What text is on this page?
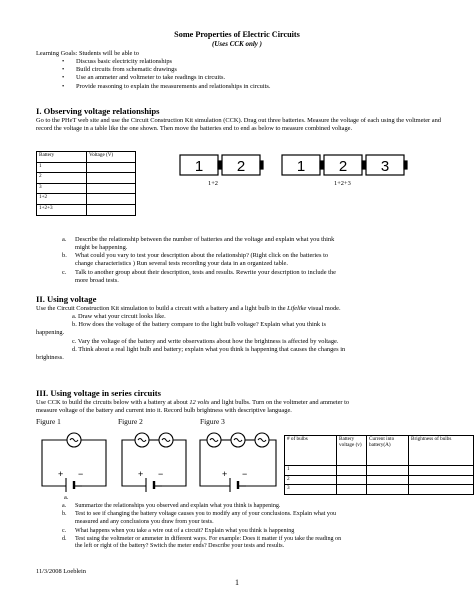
Some Properties of Electric Circuits
(Uses CCK only )
Learning Goals: Students will be able to
• Discuss basic electricity relationships
• Build circuits from schematic drawings
• Use an ammeter and voltmeter to take readings in circuits.
• Provide reasoning to explain the measurements and relationships in circuits.
I. Observing voltage relationships
Go to the PHeT web site and use the Circuit Construction Kit simulation (CCK). Drag out three batteries. Measure the voltage of each using the voltmeter and record the voltage in a table like the one shown. Then move the batteries end to end as below to measure combined voltage.
Battery	Voltage (V)
1	
2	
3	
1+2	
1+2+3	
1 2
1+2
1 2 3
1+2+3
a. Describe the relationship between the number of batteries and the voltage and explain what you think
might be happening.
b. What could you vary to test your description about the relationship? (Right click on the batteries to
change characteristics ) Run several tests recording your data in an organized table.
c. Talk to another group about their description, tests and results. Rewrite your description to include the
more broad tests.
II. Using voltage
Use the Circuit Construction Kit simulation to build a circuit with a battery and a light bulb in the Lifelike visual mode.
a. Draw what your circuit looks like.
b. How does the voltage of the battery compare to the light bulb voltage? Explain what you think is
happening.
c. Vary the voltage of the battery and write observations about how the brightness is affected by voltage.
d. Think about a real light bulb and battery; explain what you think is happening that causes the changes in
brightness.
III. Using voltage in series circuits
Use CCK to build the circuits below with a battery at about 12 volts and light bulbs. Turn on the voltmeter and ammeter to
measure voltage of the battery and current into it. Record bulb brightness with descriptive language.
Figure 1	Figure 2	Figure 3
+ −	+ −	+ −
# of bulbs	Battery voltage (v)	Current into battery(A)	Brightness of bulbs
1			
2			
3			
a.
a. Summarize the relationships you observed and explain what you think is happening.
b. Test to see if changing the battery voltage causes you to modify any of your conclusions. Explain what you
measured and any conclusions you draw from your tests.
c. What happens when you take a wire out of a circuit? Explain what you think is happening
d. Test using the voltmeter or ammeter in different ways. For example: Does it matter if you take the reading on
the left or right of the battery? Switch the meter ends? Describe your tests and results.
11/3/2008 Loeblein
1
